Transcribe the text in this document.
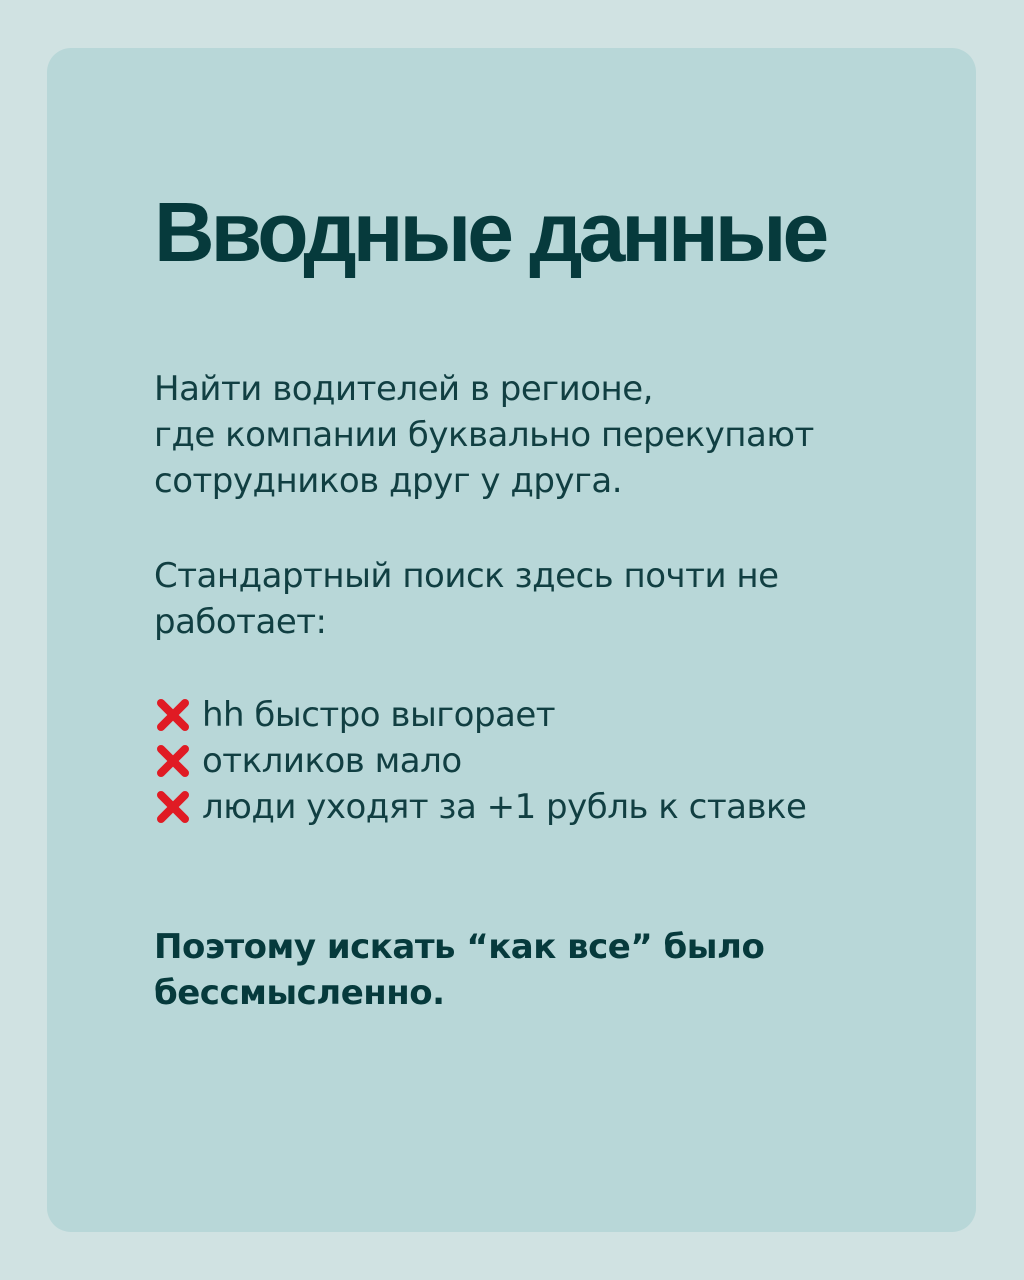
Вводные данные

Найти водителей в регионе,
где компании буквально перекупают
сотрудников друг у друга.

Стандартный поиск здесь почти не
работает:

hh быстро выгорает
откликов мало
люди уходят за +1 рубль к ставке

Поэтому искать “как все” было
бессмысленно.
